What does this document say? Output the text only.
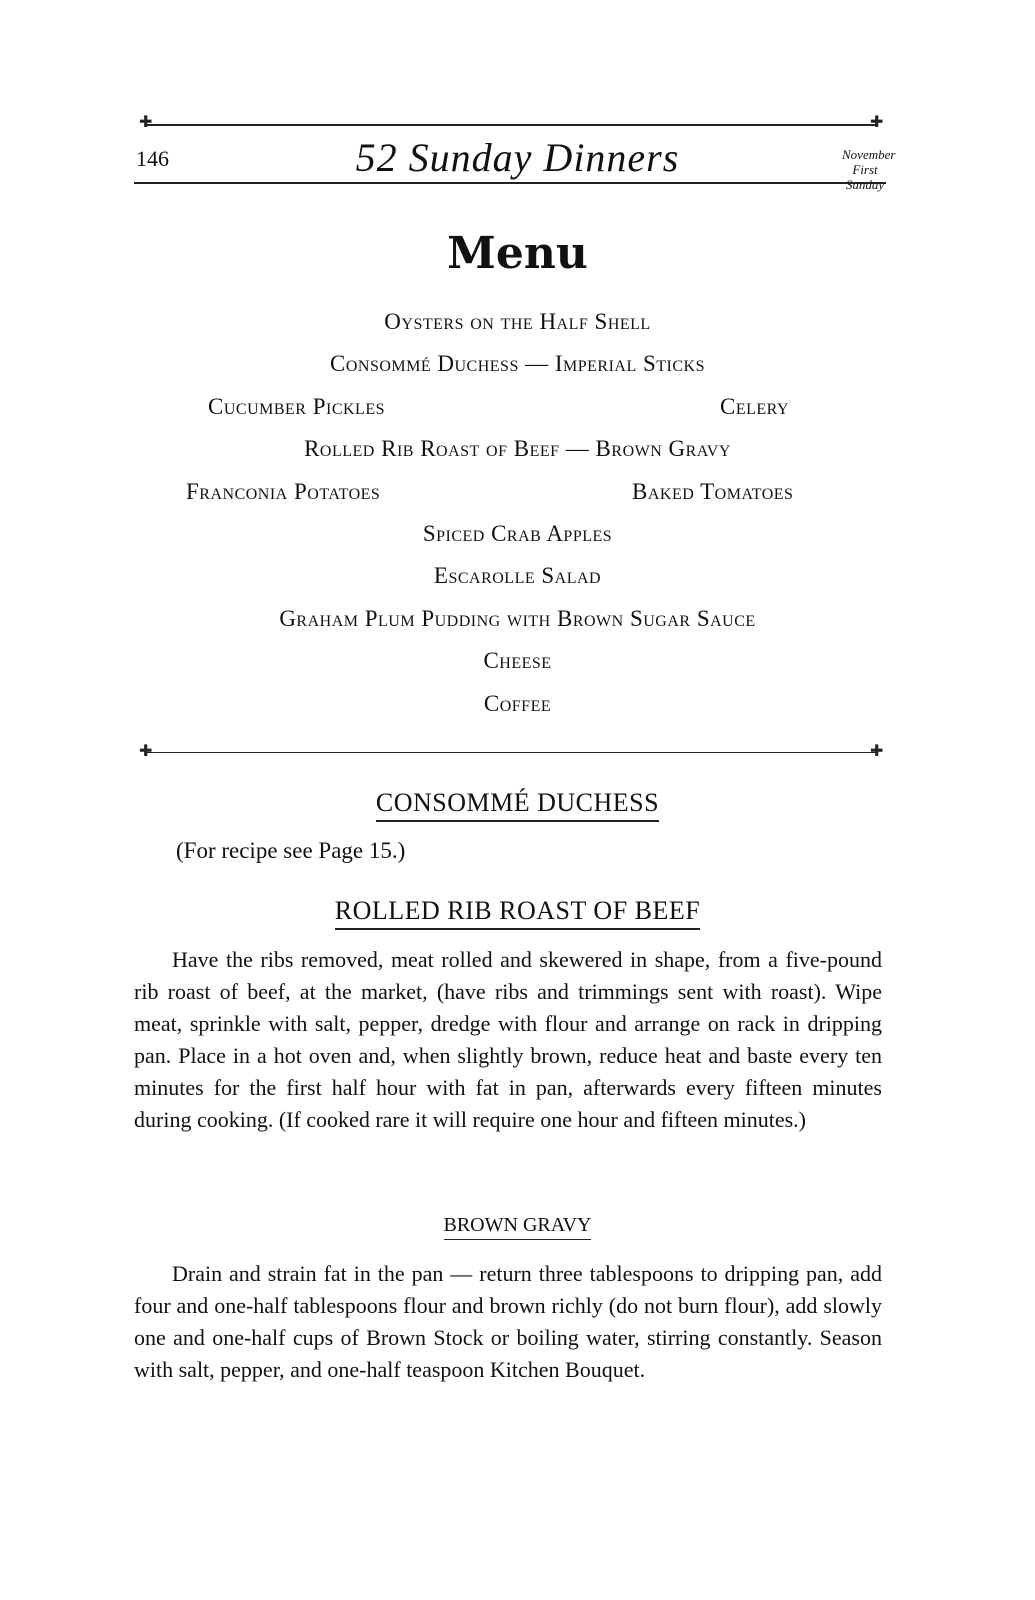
✚	✚
146	52 Sunday Dinners	November
First Sunday
Menu
Oysters on the Half Shell
Consommé Duchess — Imperial Sticks
Cucumber Pickles	Celery
Rolled Rib Roast of Beef — Brown Gravy
Franconia Potatoes	Baked Tomatoes
Spiced Crab Apples
Escarolle Salad
Graham Plum Pudding with Brown Sugar Sauce
Cheese
Coffee
✚	✚
CONSOMMÉ DUCHESS
(For recipe see Page 15.)
ROLLED RIB ROAST OF BEEF

Have the ribs removed, meat rolled and skewered in shape, from a five-pound rib roast of beef, at the market, (have ribs and trimmings sent with roast). Wipe meat, sprinkle with salt, pepper, dredge with flour and arrange on rack in dripping pan. Place in a hot oven and, when slightly brown, reduce heat and baste every ten minutes for the first half hour with fat in pan, afterwards every fifteen minutes during cooking. (If cooked rare it will require one hour and fifteen minutes.)

BROWN GRAVY

Drain and strain fat in the pan — return three tablespoons to dripping pan, add four and one-half tablespoons flour and brown richly (do not burn flour), add slowly one and one-half cups of Brown Stock or boiling water, stirring constantly. Season with salt, pepper, and one-half teaspoon Kitchen Bouquet.
